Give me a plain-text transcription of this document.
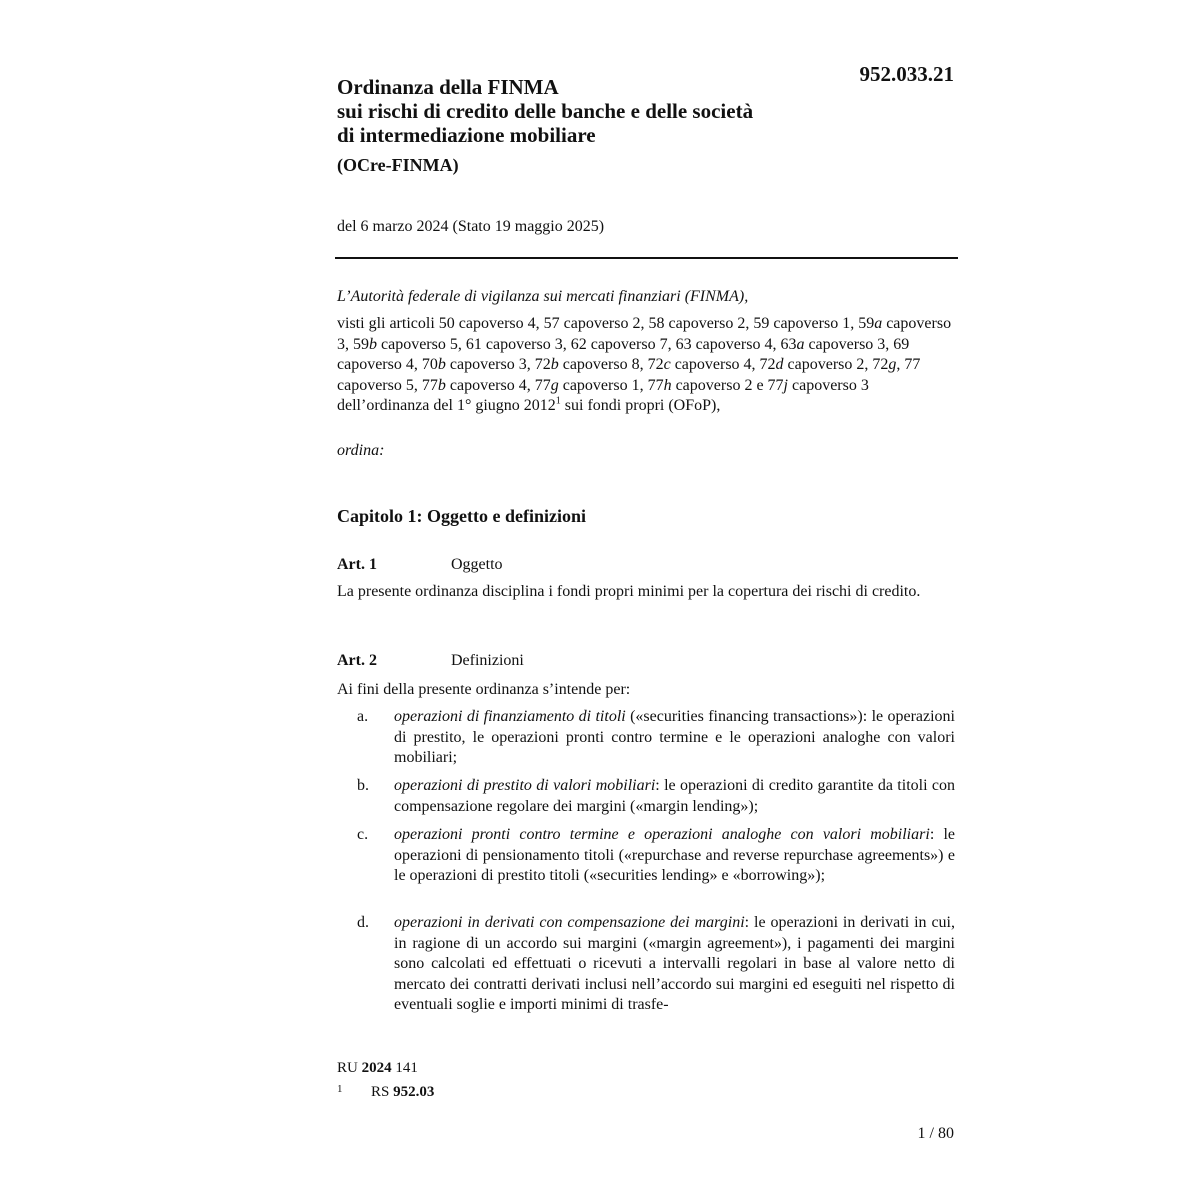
952.033.21
Ordinanza della FINMA
sui rischi di credito delle banche e delle società
di intermediazione mobiliare
(OCre-FINMA)
del 6 marzo 2024 (Stato 19 maggio 2025)
L’Autorità federale di vigilanza sui mercati finanziari (FINMA),
visti gli articoli 50 capoverso 4, 57 capoverso 2, 58 capoverso 2, 59 capoverso 1, 59a capoverso 3, 59b capoverso 5, 61 capoverso 3, 62 capoverso 7, 63 capoverso 4, 63a capoverso 3, 69 capoverso 4, 70b capoverso 3, 72b capoverso 8, 72c capoverso 4, 72d capoverso 2, 72g, 77 capoverso 5, 77b capoverso 4, 77g capoverso 1, 77h capoverso 2 e 77j capoverso 3 dell’ordinanza del 1° giugno 2012$^1$ sui fondi propri (OFoP),
ordina:
Capitolo 1: Oggetto e definizioni
Art. 1	Oggetto
La presente ordinanza disciplina i fondi propri minimi per la copertura dei rischi di credito.
Art. 2	Definizioni
Ai fini della presente ordinanza s’intende per:
a.	operazioni di finanziamento di titoli («securities financing transactions»): le operazioni di prestito, le operazioni pronti contro termine e le operazioni analoghe con valori mobiliari;
b.	operazioni di prestito di valori mobiliari: le operazioni di credito garantite da titoli con compensazione regolare dei margini («margin lending»);
c.	operazioni pronti contro termine e operazioni analoghe con valori mobiliari: le operazioni di pensionamento titoli («repurchase and reverse repurchase agreements») e le operazioni di prestito titoli («securities lending» e «borrowing»);
d.	operazioni in derivati con compensazione dei margini: le operazioni in derivati in cui, in ragione di un accordo sui margini («margin agreement»), i pagamenti dei margini sono calcolati ed effettuati o ricevuti a intervalli regolari in base al valore netto di mercato dei contratti derivati inclusi nell’accordo sui margini ed eseguiti nel rispetto di eventuali soglie e importi minimi di trasfe-
RU 2024 141
1 RS 952.03
1 / 80
